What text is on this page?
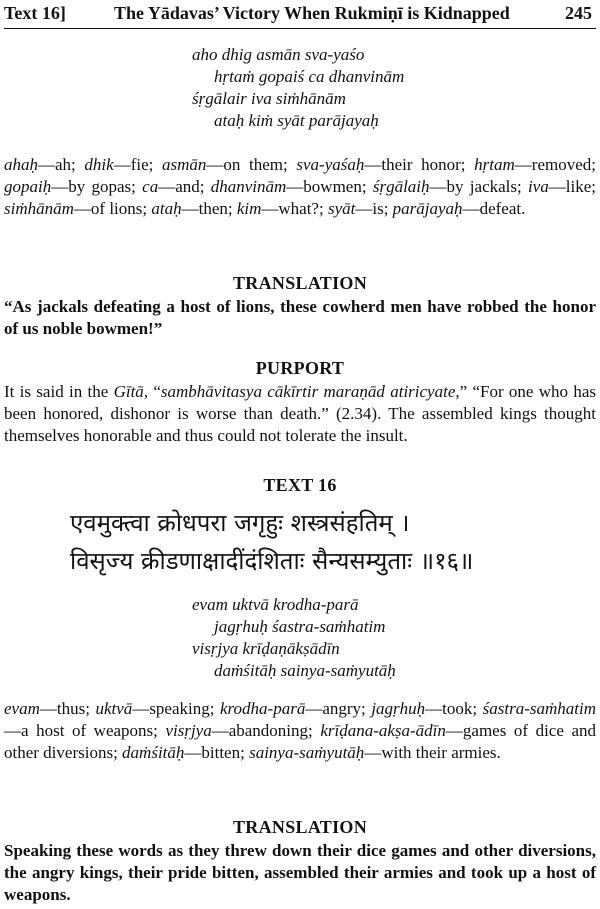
Text 16]	The Yādavas’ Victory When Rukmiṇī is Kidnapped	245
aho dhig asmān sva-yaśo
hṛtaṁ gopaiś ca dhanvinām
śṛgālair iva siṁhānām
ataḥ kiṁ syāt parājayaḥ
ahaḥ—ah; dhik—fie; asmān—on them; sva-yaśaḥ—their honor; hṛtam—removed; gopaiḥ—by gopas; ca—and; dhanvinām—bowmen; śṛgālaiḥ—by jackals; iva—like; siṁhānām—of lions; ataḥ—then; kim—what?; syāt—is; parājayaḥ—defeat.
TRANSLATION
“As jackals defeating a host of lions, these cowherd men have robbed the honor of us noble bowmen!”
PURPORT
It is said in the Gītā, “sambhāvitasya cākīrtir maraṇād atiricyate,” “For one who has been honored, dishonor is worse than death.” (2.34). The assembled kings thought themselves honorable and thus could not tolerate the insult.
TEXT 16
एवमुक्त्वा क्रोधपरा जगृहुः शस्त्रसंहतिम् ।
विसृज्य क्रीडणाक्षादींदंशिताः सैन्यसम्युताः ॥१६॥
evam uktvā krodha-parā
jagṛhuḥ śastra-saṁhatim
visṛjya krīḍaṇākṣādīn
daṁśitāḥ sainya-saṁyutāḥ
evam—thus; uktvā—speaking; krodha-parā—angry; jagṛhuḥ—took; śastra-saṁhatim—a host of weapons; visṛjya—abandoning; krīḍana-akṣa-ādīn—games of dice and other diversions; daṁśitāḥ—bitten; sainya-saṁyutāḥ—with their armies.
TRANSLATION
Speaking these words as they threw down their dice games and other diversions, the angry kings, their pride bitten, assembled their armies and took up a host of weapons.
